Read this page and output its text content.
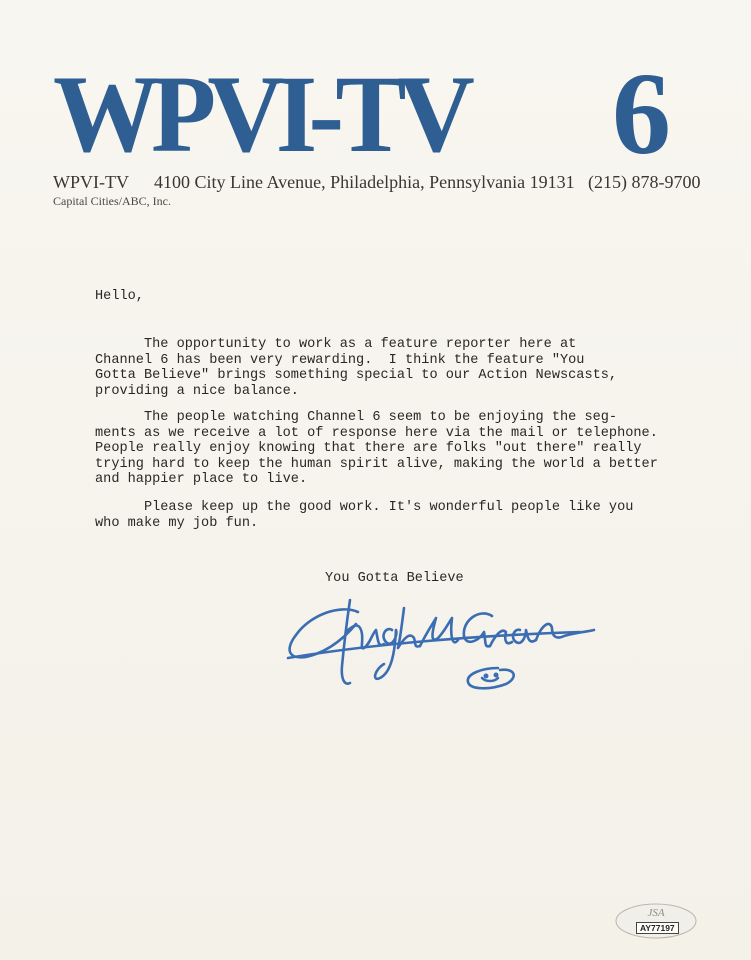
WPVI-TV 6
WPVI-TV 4100 City Line Avenue, Philadelphia, Pennsylvania 19131 (215) 878-9700
Capital Cities/ABC, Inc.
Hello,
The opportunity to work as a feature reporter here at
Channel 6 has been very rewarding.  I think the feature "You
Gotta Believe" brings something special to our Action Newscasts,
providing a nice balance.
The people watching Channel 6 seem to be enjoying the seg-
ments as we receive a lot of response here via the mail or telephone.
People really enjoy knowing that there are folks "out there" really
trying hard to keep the human spirit alive, making the world a better
and happier place to live.
Please keep up the good work. It's wonderful people like you
who make my job fun.
You Gotta Believe
JSA
AY77197
